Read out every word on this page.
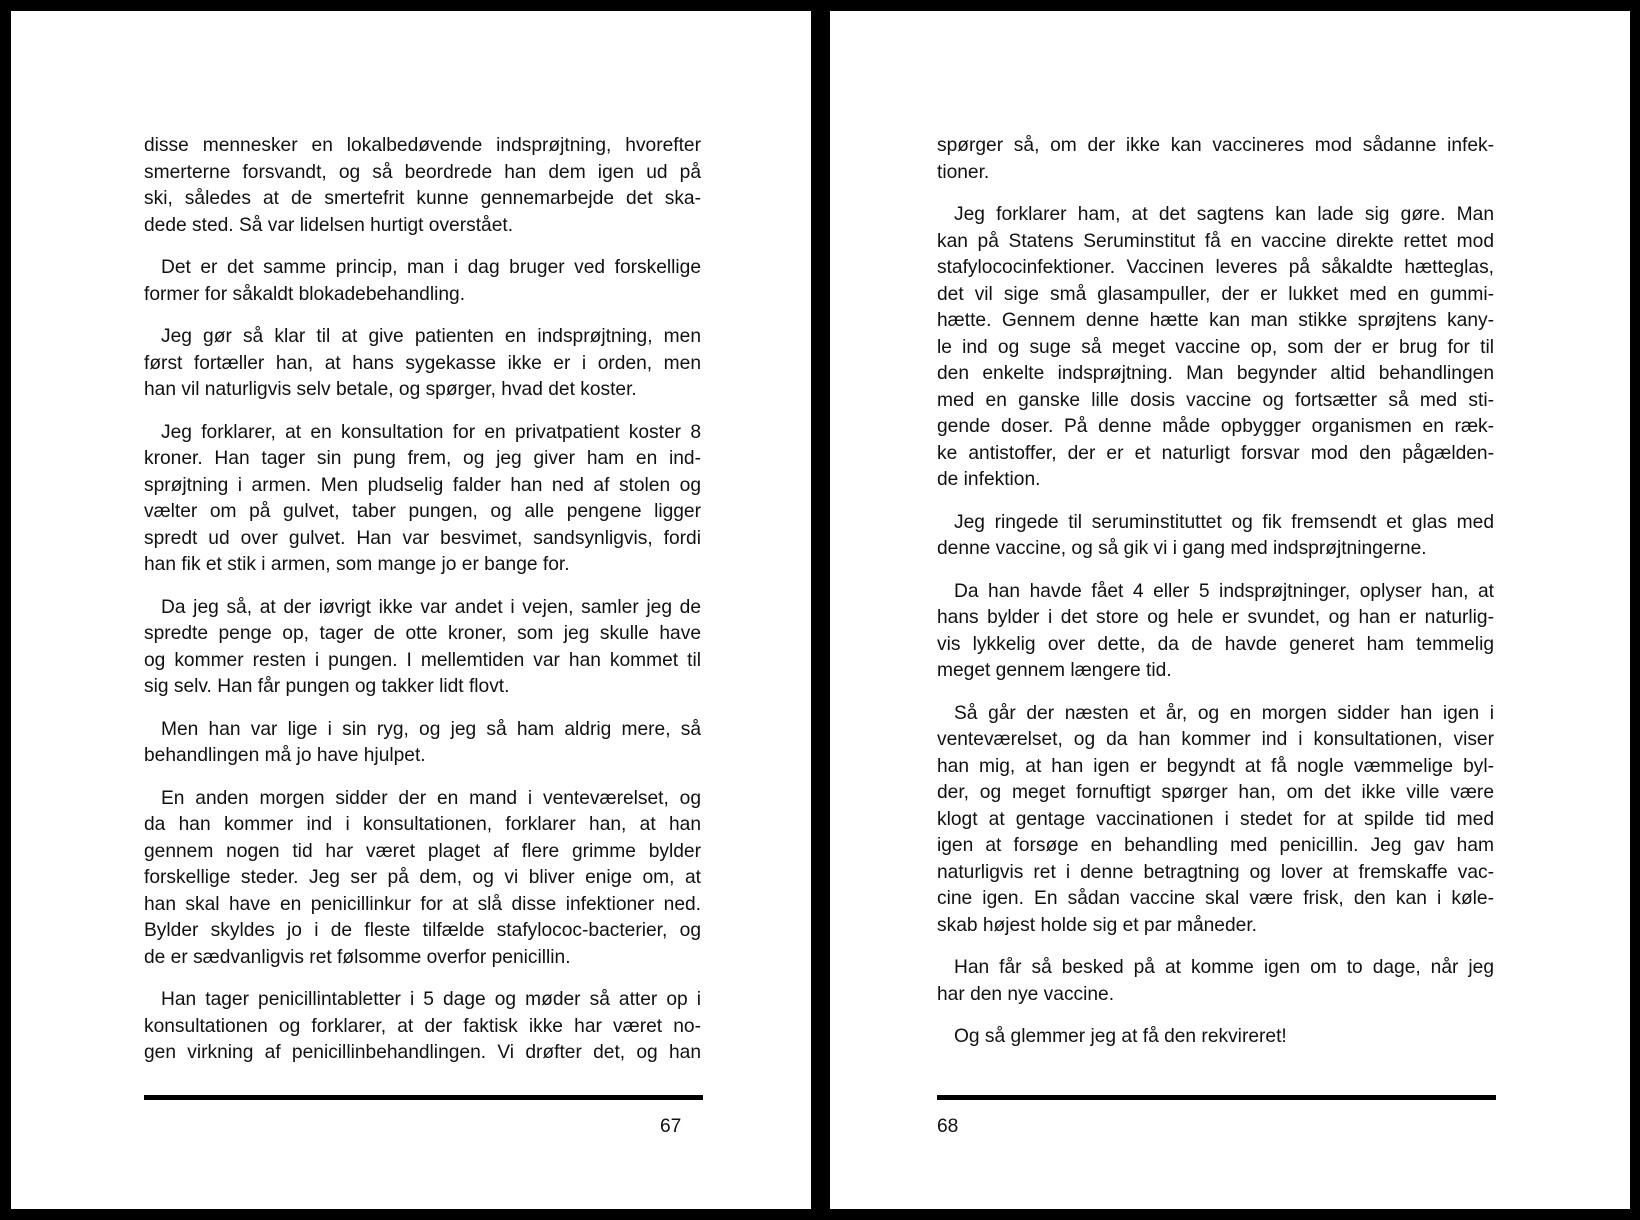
disse mennesker en lokalbedøvende indsprøjtning, hvorefter
smerterne forsvandt, og så beordrede han dem igen ud på
ski, således at de smertefrit kunne gennemarbejde det ska-
dede sted. Så var lidelsen hurtigt overstået.
Det er det samme princip, man i dag bruger ved forskellige
former for såkaldt blokadebehandling.
Jeg gør så klar til at give patienten en indsprøjtning, men
først fortæller han, at hans sygekasse ikke er i orden, men
han vil naturligvis selv betale, og spørger, hvad det koster.
Jeg forklarer, at en konsultation for en privatpatient koster 8
kroner. Han tager sin pung frem, og jeg giver ham en ind-
sprøjtning i armen. Men pludselig falder han ned af stolen og
vælter om på gulvet, taber pungen, og alle pengene ligger
spredt ud over gulvet. Han var besvimet, sandsynligvis, fordi
han fik et stik i armen, som mange jo er bange for.
Da jeg så, at der iøvrigt ikke var andet i vejen, samler jeg de
spredte penge op, tager de otte kroner, som jeg skulle have
og kommer resten i pungen. I mellemtiden var han kommet til
sig selv. Han får pungen og takker lidt flovt.
Men han var lige i sin ryg, og jeg så ham aldrig mere, så
behandlingen må jo have hjulpet.
En anden morgen sidder der en mand i venteværelset, og
da han kommer ind i konsultationen, forklarer han, at han
gennem nogen tid har været plaget af flere grimme bylder
forskellige steder. Jeg ser på dem, og vi bliver enige om, at
han skal have en penicillinkur for at slå disse infektioner ned.
Bylder skyldes jo i de fleste tilfælde stafylococ-bacterier, og
de er sædvanligvis ret følsomme overfor penicillin.
Han tager penicillintabletter i 5 dage og møder så atter op i
konsultationen og forklarer, at der faktisk ikke har været no-
gen virkning af penicillinbehandlingen. Vi drøfter det, og han
67
spørger så, om der ikke kan vaccineres mod sådanne infek-
tioner.
Jeg forklarer ham, at det sagtens kan lade sig gøre. Man
kan på Statens Seruminstitut få en vaccine direkte rettet mod
stafylococinfektioner. Vaccinen leveres på såkaldte hætteglas,
det vil sige små glasampuller, der er lukket med en gummi-
hætte. Gennem denne hætte kan man stikke sprøjtens kany-
le ind og suge så meget vaccine op, som der er brug for til
den enkelte indsprøjtning. Man begynder altid behandlingen
med en ganske lille dosis vaccine og fortsætter så med sti-
gende doser. På denne måde opbygger organismen en ræk-
ke antistoffer, der er et naturligt forsvar mod den pågælden-
de infektion.
Jeg ringede til seruminstituttet og fik fremsendt et glas med
denne vaccine, og så gik vi i gang med indsprøjtningerne.
Da han havde fået 4 eller 5 indsprøjtninger, oplyser han, at
hans bylder i det store og hele er svundet, og han er naturlig-
vis lykkelig over dette, da de havde generet ham temmelig
meget gennem længere tid.
Så går der næsten et år, og en morgen sidder han igen i
venteværelset, og da han kommer ind i konsultationen, viser
han mig, at han igen er begyndt at få nogle væmmelige byl-
der, og meget fornuftigt spørger han, om det ikke ville være
klogt at gentage vaccinationen i stedet for at spilde tid med
igen at forsøge en behandling med penicillin. Jeg gav ham
naturligvis ret i denne betragtning og lover at fremskaffe vac-
cine igen. En sådan vaccine skal være frisk, den kan i køle-
skab højest holde sig et par måneder.
Han får så besked på at komme igen om to dage, når jeg
har den nye vaccine.
Og så glemmer jeg at få den rekvireret!
68
